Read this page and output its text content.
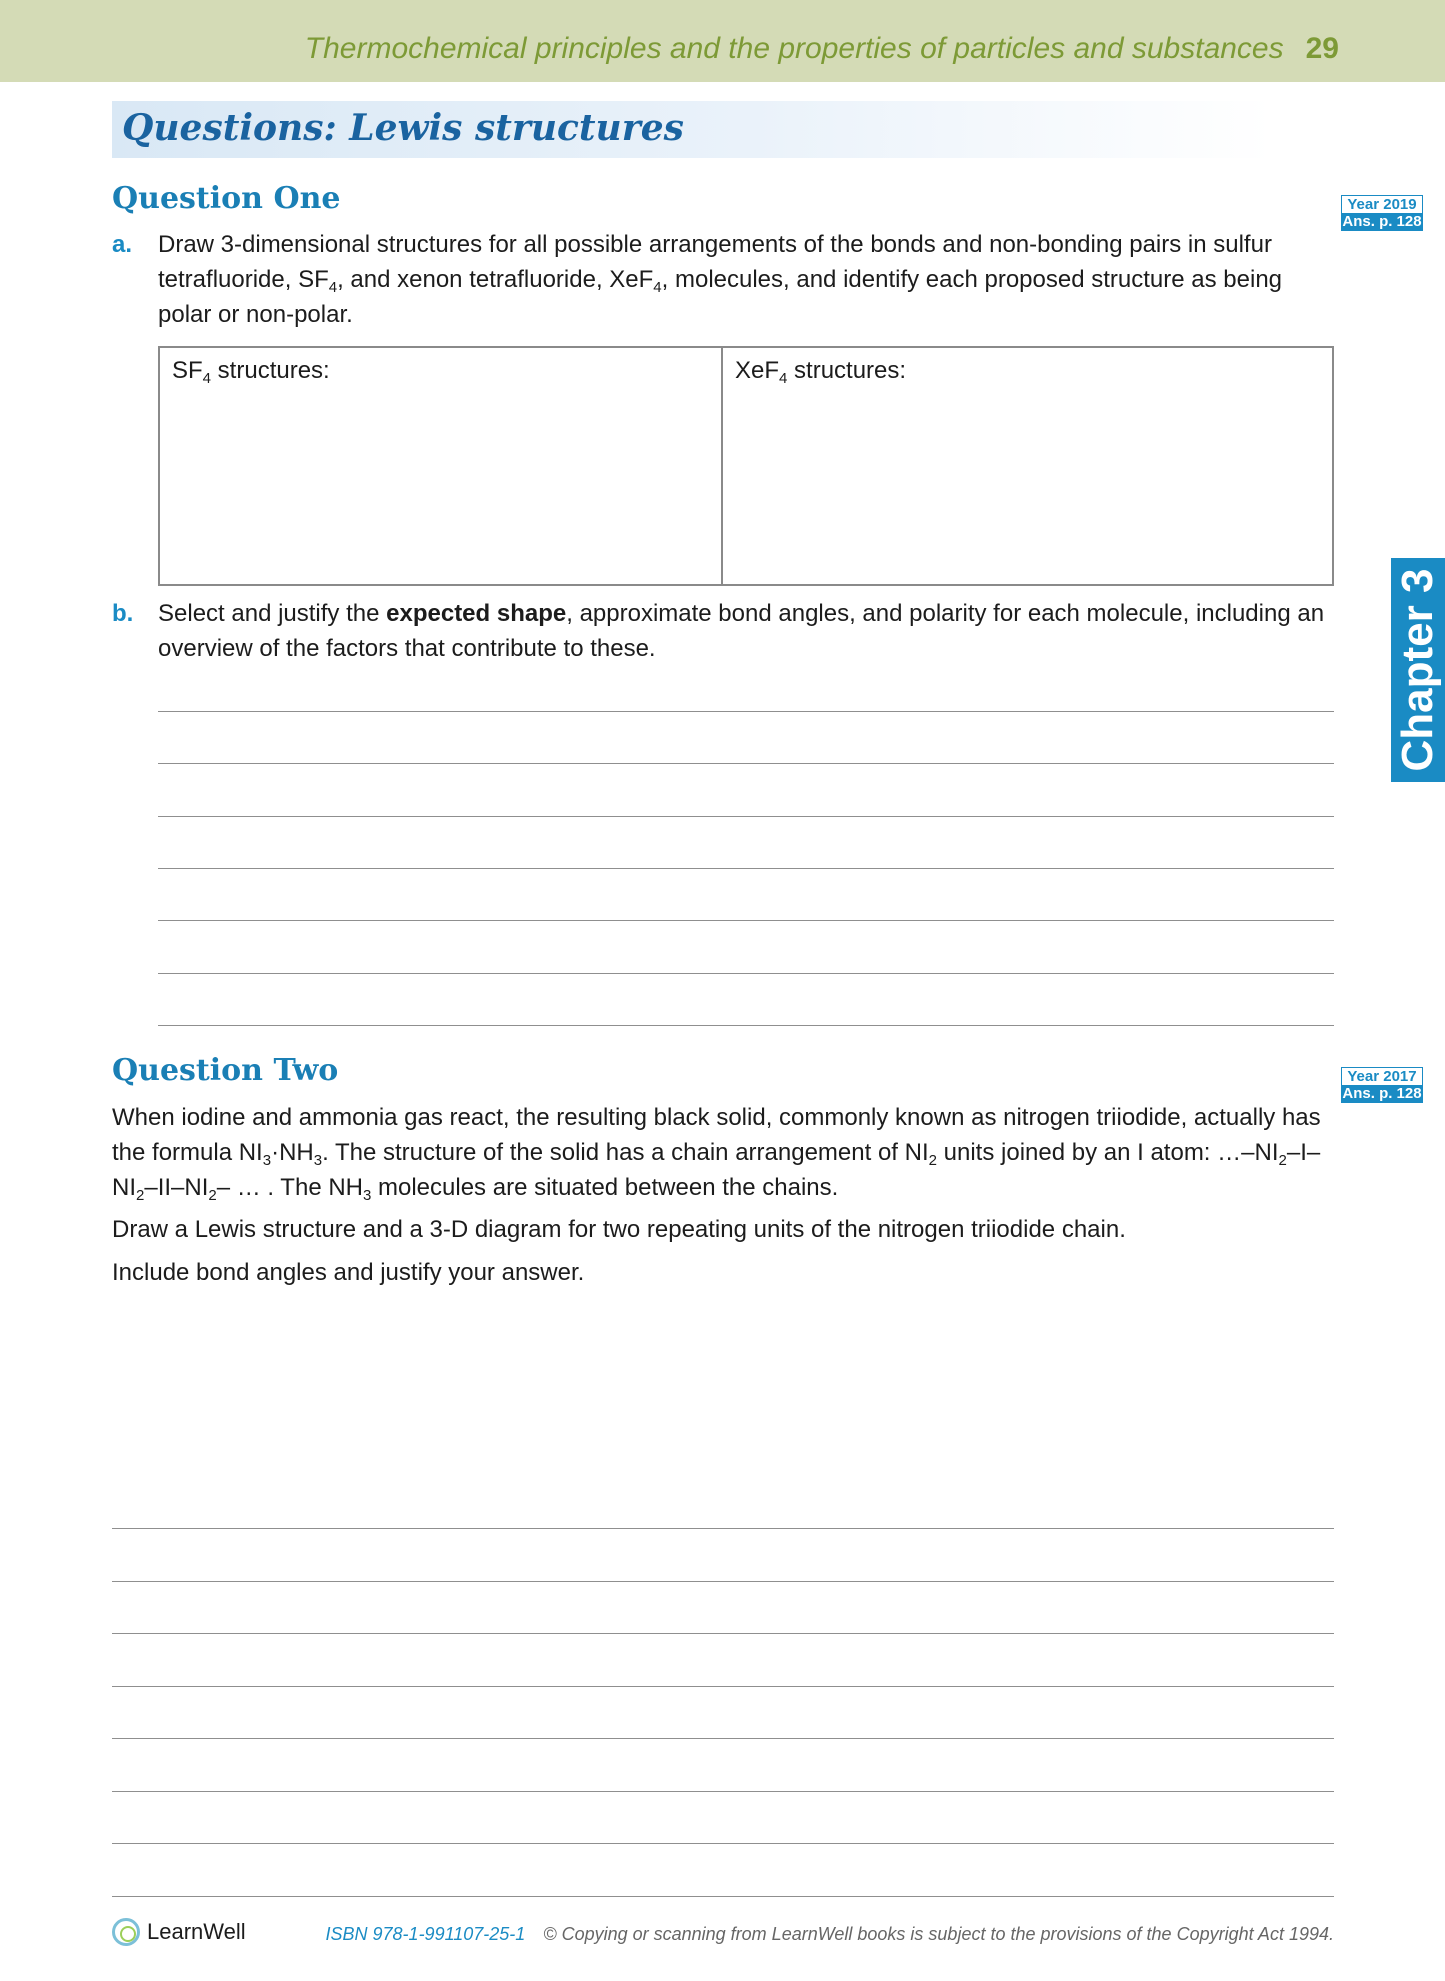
Thermochemical principles and the properties of particles and substances 29
Questions: Lewis structures
Question One	Year 2019
Ans. p. 128
a. Draw 3-dimensional structures for all possible arrangements of the bonds and non-bonding pairs in sulfur tetrafluoride, $SF_4$, and xenon tetrafluoride, XeF$_4$, molecules, and identify each proposed structure as being polar or non-polar.
$SF_4$ structures:	XeF$_4$ structures:
b. Select and justify the expected shape, approximate bond angles, and polarity for each molecule, including an overview of the factors that contribute to these.	Chapter 3
Question Two	Year 2017
Ans. p. 128
When iodine and ammonia gas react, the resulting black solid, commonly known as nitrogen triiodide, actually has the formula $NI_3\cdot NH_3$. The structure of the solid has a chain arrangement of $NI_2$ units joined by an I atom: $\dots-NI_2-I-NI_2-II-NI_2-$ … . The $NH_3$ molecules are situated between the chains.
Draw a Lewis structure and a 3-D diagram for two repeating units of the nitrogen triiodide chain.
Include bond angles and justify your answer.
LearnWell	ISBN 978-1-991107-25-1 © Copying or scanning from LearnWell books is subject to the provisions of the Copyright Act 1994.
